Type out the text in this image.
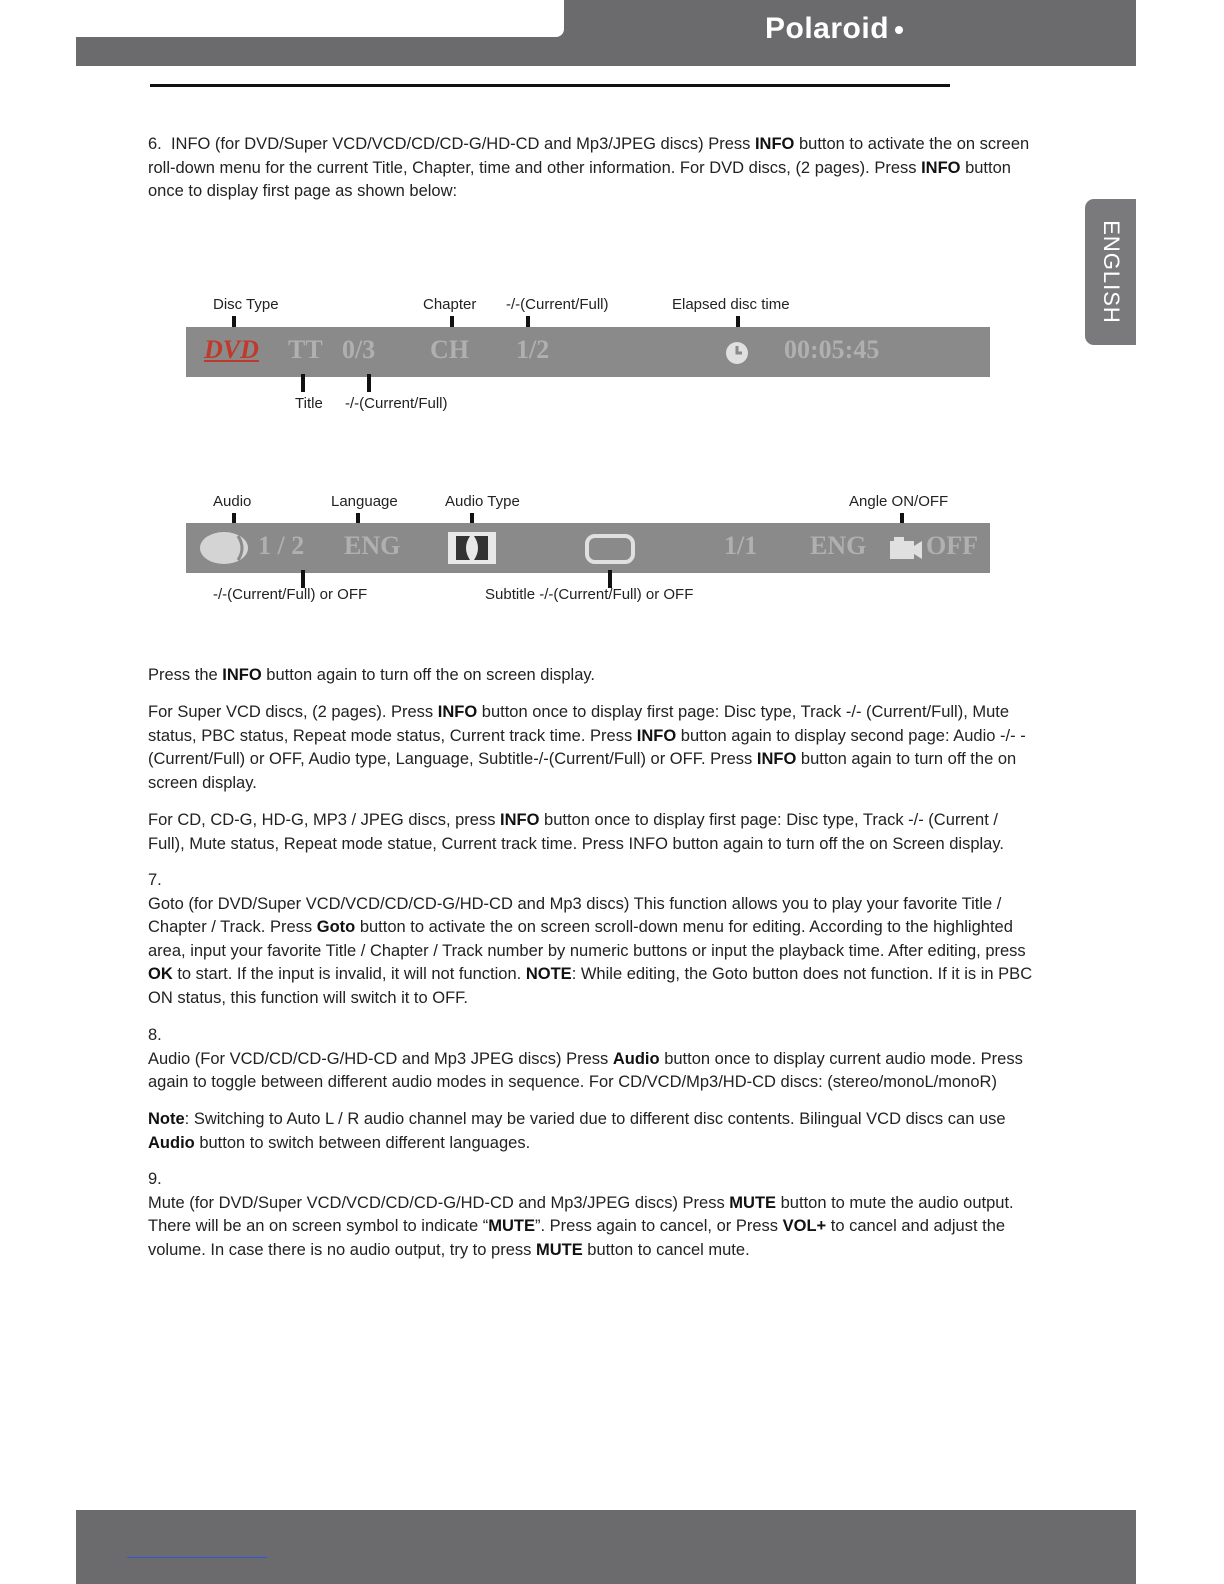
Polaroid
ENGLISH

6. INFO (for DVD/Super VCD/VCD/CD/CD-G/HD-CD and Mp3/JPEG discs) Press INFO button to activate the on screen roll-down menu for the current Title, Chapter, time and other information. For DVD discs, (2 pages). Press INFO button once to display first page as shown below:

Disc Type	Chapter -/-(Current/Full)	Elapsed disc time
DVD TT 0/3 CH 1/2	00:05:45
Title -/-(Current/Full)
Audio	Language	Audio Type	Angle ON/OFF
1 / 2 ENG	1/1 ENG OFF
-/-(Current/Full) or OFF	Subtitle -/-(Current/Full) or OFF

Press the INFO button again to turn off the on screen display.

For Super VCD discs, (2 pages). Press INFO button once to display first page: Disc type, Track -/- (Current/Full), Mute status, PBC status, Repeat mode status, Current track time. Press INFO button again to display second page: Audio -/- -(Current/Full) or OFF, Audio type, Language, Subtitle-/-(Current/Full) or OFF. Press INFO button again to turn off the on screen display.

For CD, CD-G, HD-G, MP3 / JPEG discs, press INFO button once to display first page: Disc type, Track -/- (Current / Full), Mute status, Repeat mode statue, Current track time. Press INFO button again to turn off the on Screen display.

7.
Goto (for DVD/Super VCD/VCD/CD/CD-G/HD-CD and Mp3 discs) This function allows you to play your favorite Title / Chapter / Track. Press Goto button to activate the on screen scroll-down menu for editing. According to the highlighted area, input your favorite Title / Chapter / Track number by numeric buttons or input the playback time. After editing, press OK to start. If the input is invalid, it will not function. NOTE: While editing, the Goto button does not function. If it is in PBC ON status, this function will switch it to OFF.

8.
Audio (For VCD/CD/CD-G/HD-CD and Mp3 JPEG discs) Press Audio button once to display current audio mode. Press again to toggle between different audio modes in sequence. For CD/VCD/Mp3/HD-CD discs: (stereo/monoL/monoR)

Note: Switching to Auto L / R audio channel may be varied due to different disc contents. Bilingual VCD discs can use Audio button to switch between different languages.

9.
Mute (for DVD/Super VCD/VCD/CD/CD-G/HD-CD and Mp3/JPEG discs) Press MUTE button to mute the audio output. There will be an on screen symbol to indicate “MUTE”. Press again to cancel, or Press VOL+ to cancel and adjust the volume. In case there is no audio output, try to press MUTE button to cancel mute.
